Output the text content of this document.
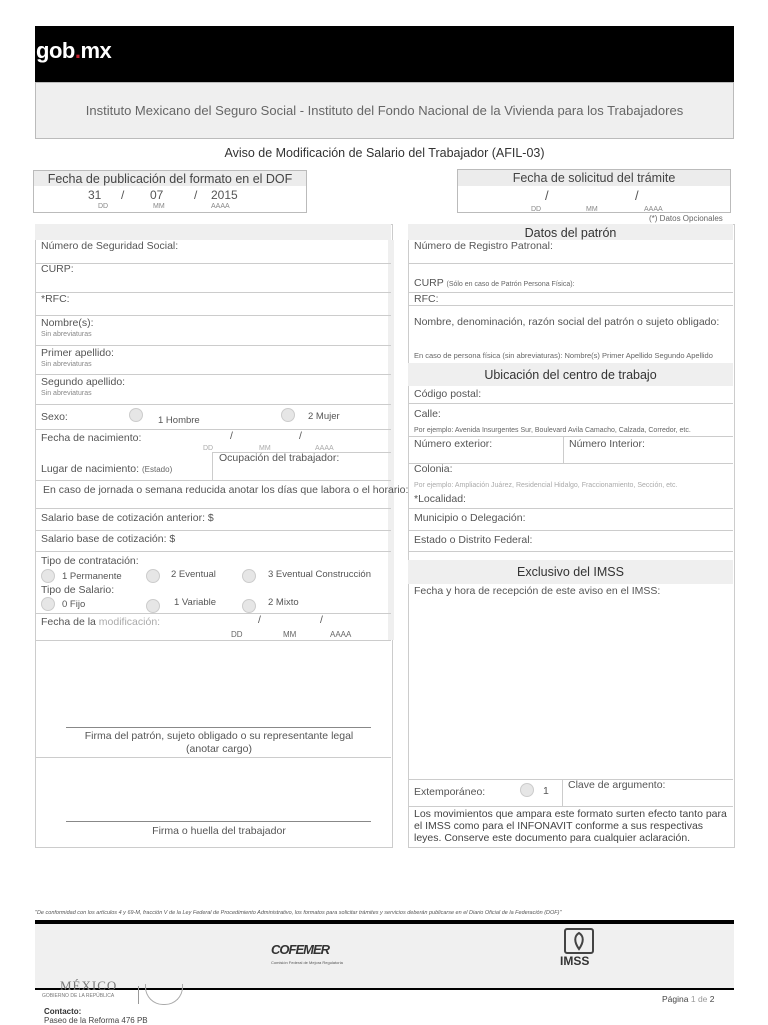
gob.mx
Instituto Mexicano del Seguro Social - Instituto del Fondo Nacional de la Vivienda para los Trabajadores
Aviso de Modificación de Salario del Trabajador (AFIL-03)
Fecha de publicación del formato en el DOF
31 / 07	/ 2015
DD	MM	AAAA
Fecha de solicitud del trámite
/	/
DD	MM	AAAA
(*) Datos Opcionales
Número de Seguridad Social:
CURP:
*RFC:
Nombre(s):
Sin abreviaturas
Primer apellido:
Sin abreviaturas
Segundo apellido:
Sin abreviaturas
Sexo:	1 Hombre	2 Mujer
Fecha de nacimiento:	/	/
DD	MM	AAAA
Ocupación del trabajador:
Lugar de nacimiento: (Estado)
En caso de jornada o semana reducida anotar los días que labora o el horario:
Salario base de cotización anterior: $
Salario base de cotización: $
Tipo de contratación:
1 Permanente	2 Eventual	3 Eventual Construcción
Tipo de Salario:
0 Fijo	1 Variable	2 Mixto
Fecha de la modificación:	/	/
DD	MM	AAAA
Firma del patrón, sujeto obligado o su representante legal
(anotar cargo)
Firma o huella del trabajador
Datos del patrón
Número de Registro Patronal:
CURP (Sólo en caso de Patrón Persona Física):
RFC:
Nombre, denominación, razón social del patrón o sujeto obligado:
En caso de persona física (sin abreviaturas): Nombre(s) Primer Apellido Segundo Apellido
Ubicación del centro de trabajo
Código postal:
Calle:
Por ejemplo: Avenida Insurgentes Sur, Boulevard Avila Camacho, Calzada, Corredor, etc.
Número exterior:	Número Interior:
Colonia:
Por ejemplo: Ampliación Juárez, Residencial Hidalgo, Fraccionamiento, Sección, etc.
*Localidad:
Municipio o Delegación:
Estado o Distrito Federal:
Exclusivo del IMSS
Fecha y hora de recepción de este aviso en el IMSS:
Extemporáneo:	1 Clave de argumento:
Los movimientos que ampara este formato surten efecto tanto para el IMSS como para el INFONAVIT conforme a sus respectivas leyes. Conserve este documento para cualquier aclaración.
"De conformidad con los artículos 4 y 69-M, fracción V de la Ley Federal de Procedimiento Administrativo, los formatos para solicitar trámites y servicios deberán publicarse en el Diario Oficial de la Federación (DOF)"
COFEMER
Comisión Federal de Mejora Regulatoria	IMSS
MÉXICO
GOBIERNO DE LA REPÚBLICA
Contacto:
Paseo de la Reforma 476 PB
Página 1 de 2
